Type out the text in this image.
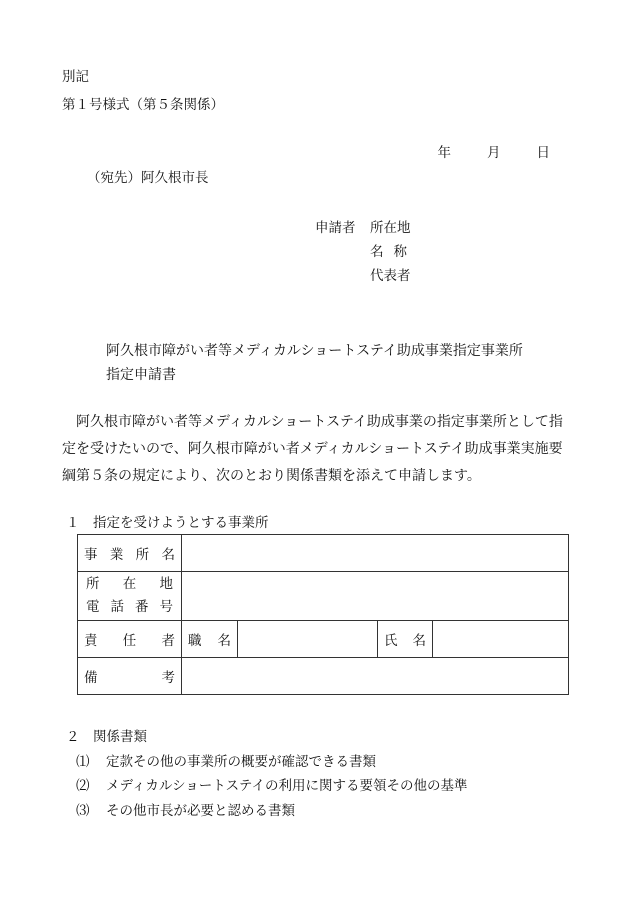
別記
第１号様式（第５条関係）
年	月	日
（宛先）阿久根市長
申請者 所在地
名称
代表者
阿久根市障がい者等メディカルショートステイ助成事業指定事業所
指定申請書
阿久根市障がい者等メディカルショートステイ助成事業の指定事業所として指定を受けたいので、阿久根市障がい者メディカルショートステイ助成事業実施要綱第５条の規定により、次のとおり関係書類を添えて申請します。
１　指定を受けようとする事業所
事業所名				

所在地
電話番号				

責任者	職名		氏名	
備考				
２　関係書類
⑴ 定款その他の事業所の概要が確認できる書類
⑵ メディカルショートステイの利用に関する要領その他の基準
⑶ その他市長が必要と認める書類
